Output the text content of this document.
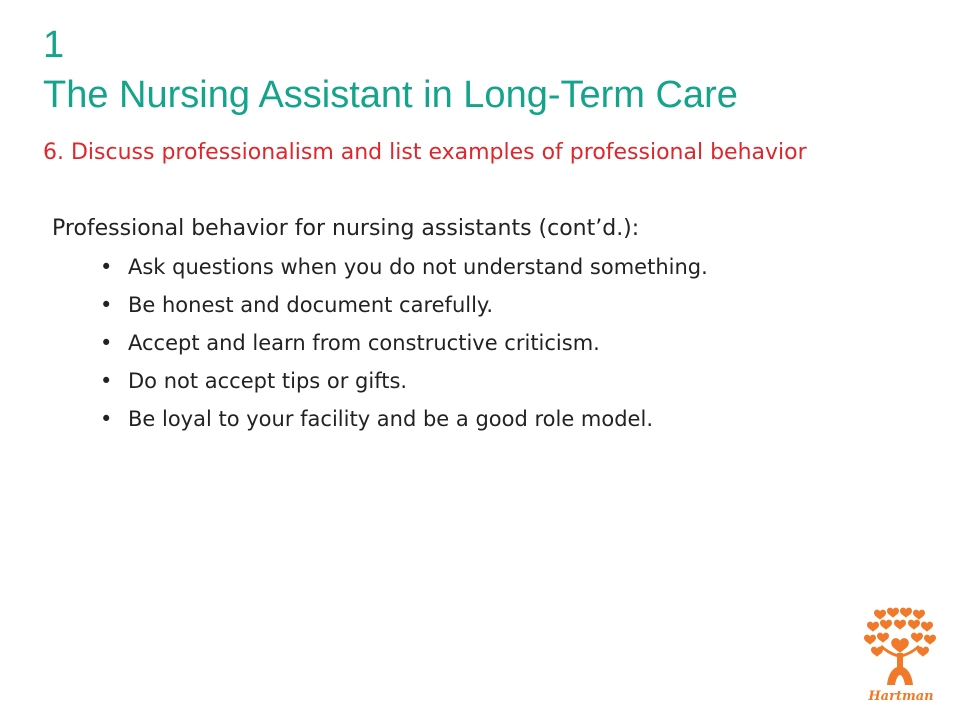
1
The Nursing Assistant in Long-Term Care

6. Discuss professionalism and list examples of professional behavior

Professional behavior for nursing assistants (cont’d.):

• Ask questions when you do not understand something.
• Be honest and document carefully.
• Accept and learn from constructive criticism.
• Do not accept tips or gifts.
• Be loyal to your facility and be a good role model.
Hartman
